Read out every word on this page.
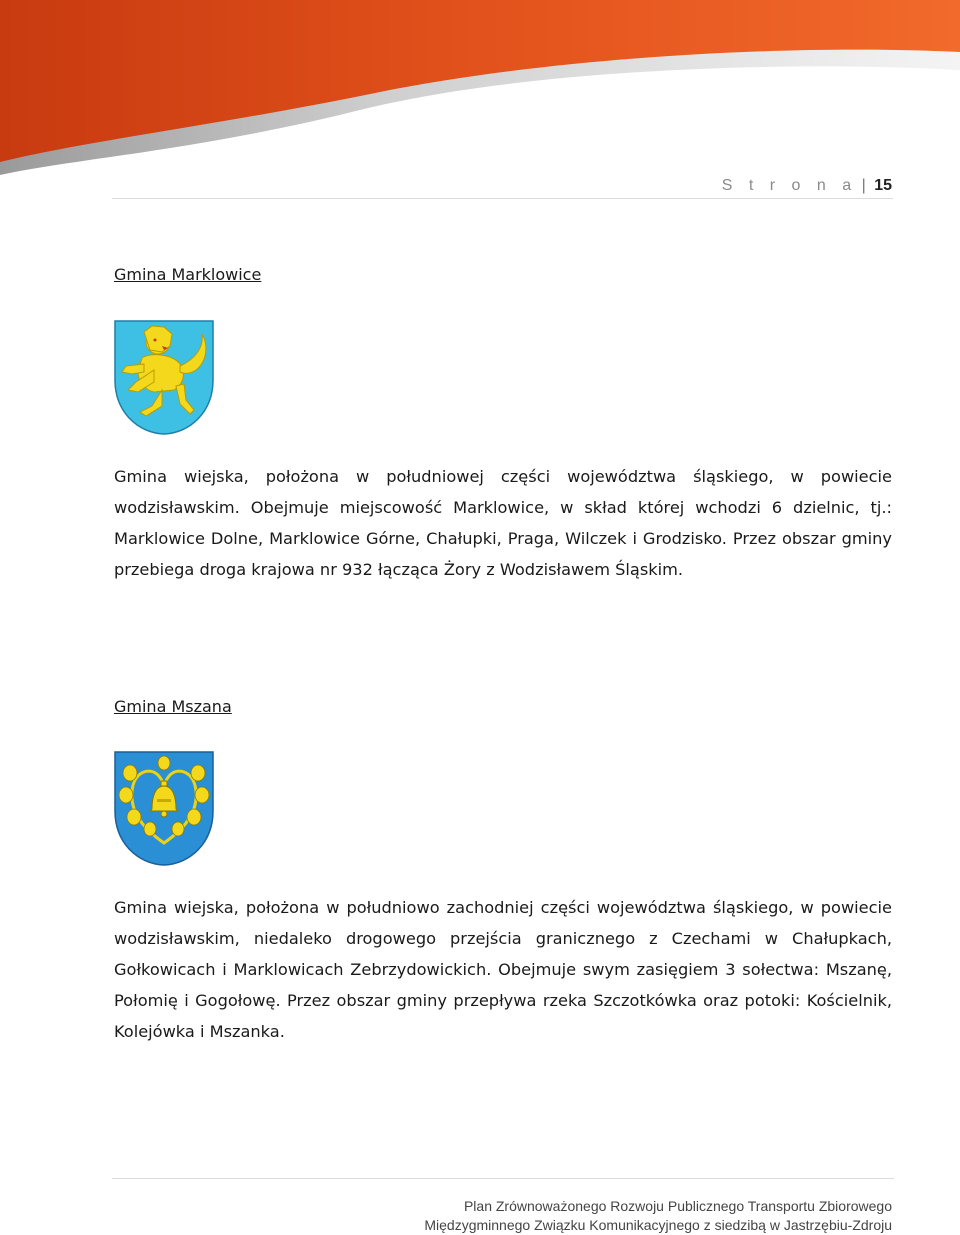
S t r o n a | 15
Gmina Marklowice

Gmina wiejska, położona w południowej części województwa śląskiego, w powiecie wodzisławskim. Obejmuje miejscowość Marklowice, w skład której wchodzi 6 dzielnic, tj.: Marklowice Dolne, Marklowice Górne, Chałupki, Praga, Wilczek i Grodzisko. Przez obszar gminy przebiega droga krajowa nr 932 łącząca Żory z Wodzisławem Śląskim.

Gmina Mszana

Gmina wiejska, położona w południowo zachodniej części województwa śląskiego, w powiecie wodzisławskim, niedaleko drogowego przejścia granicznego z Czechami w Chałupkach, Gołkowicach i Marklowicach Zebrzydowickich. Obejmuje swym zasięgiem 3 sołectwa: Mszanę, Połomię i Gogołowę. Przez obszar gminy przepływa rzeka Szczotkówka oraz potoki: Kościelnik, Kolejówka i Mszanka.

Plan Zrównoważonego Rozwoju Publicznego Transportu Zbiorowego
Międzygminnego Związku Komunikacyjnego z siedzibą w Jastrzębiu-Zdroju
